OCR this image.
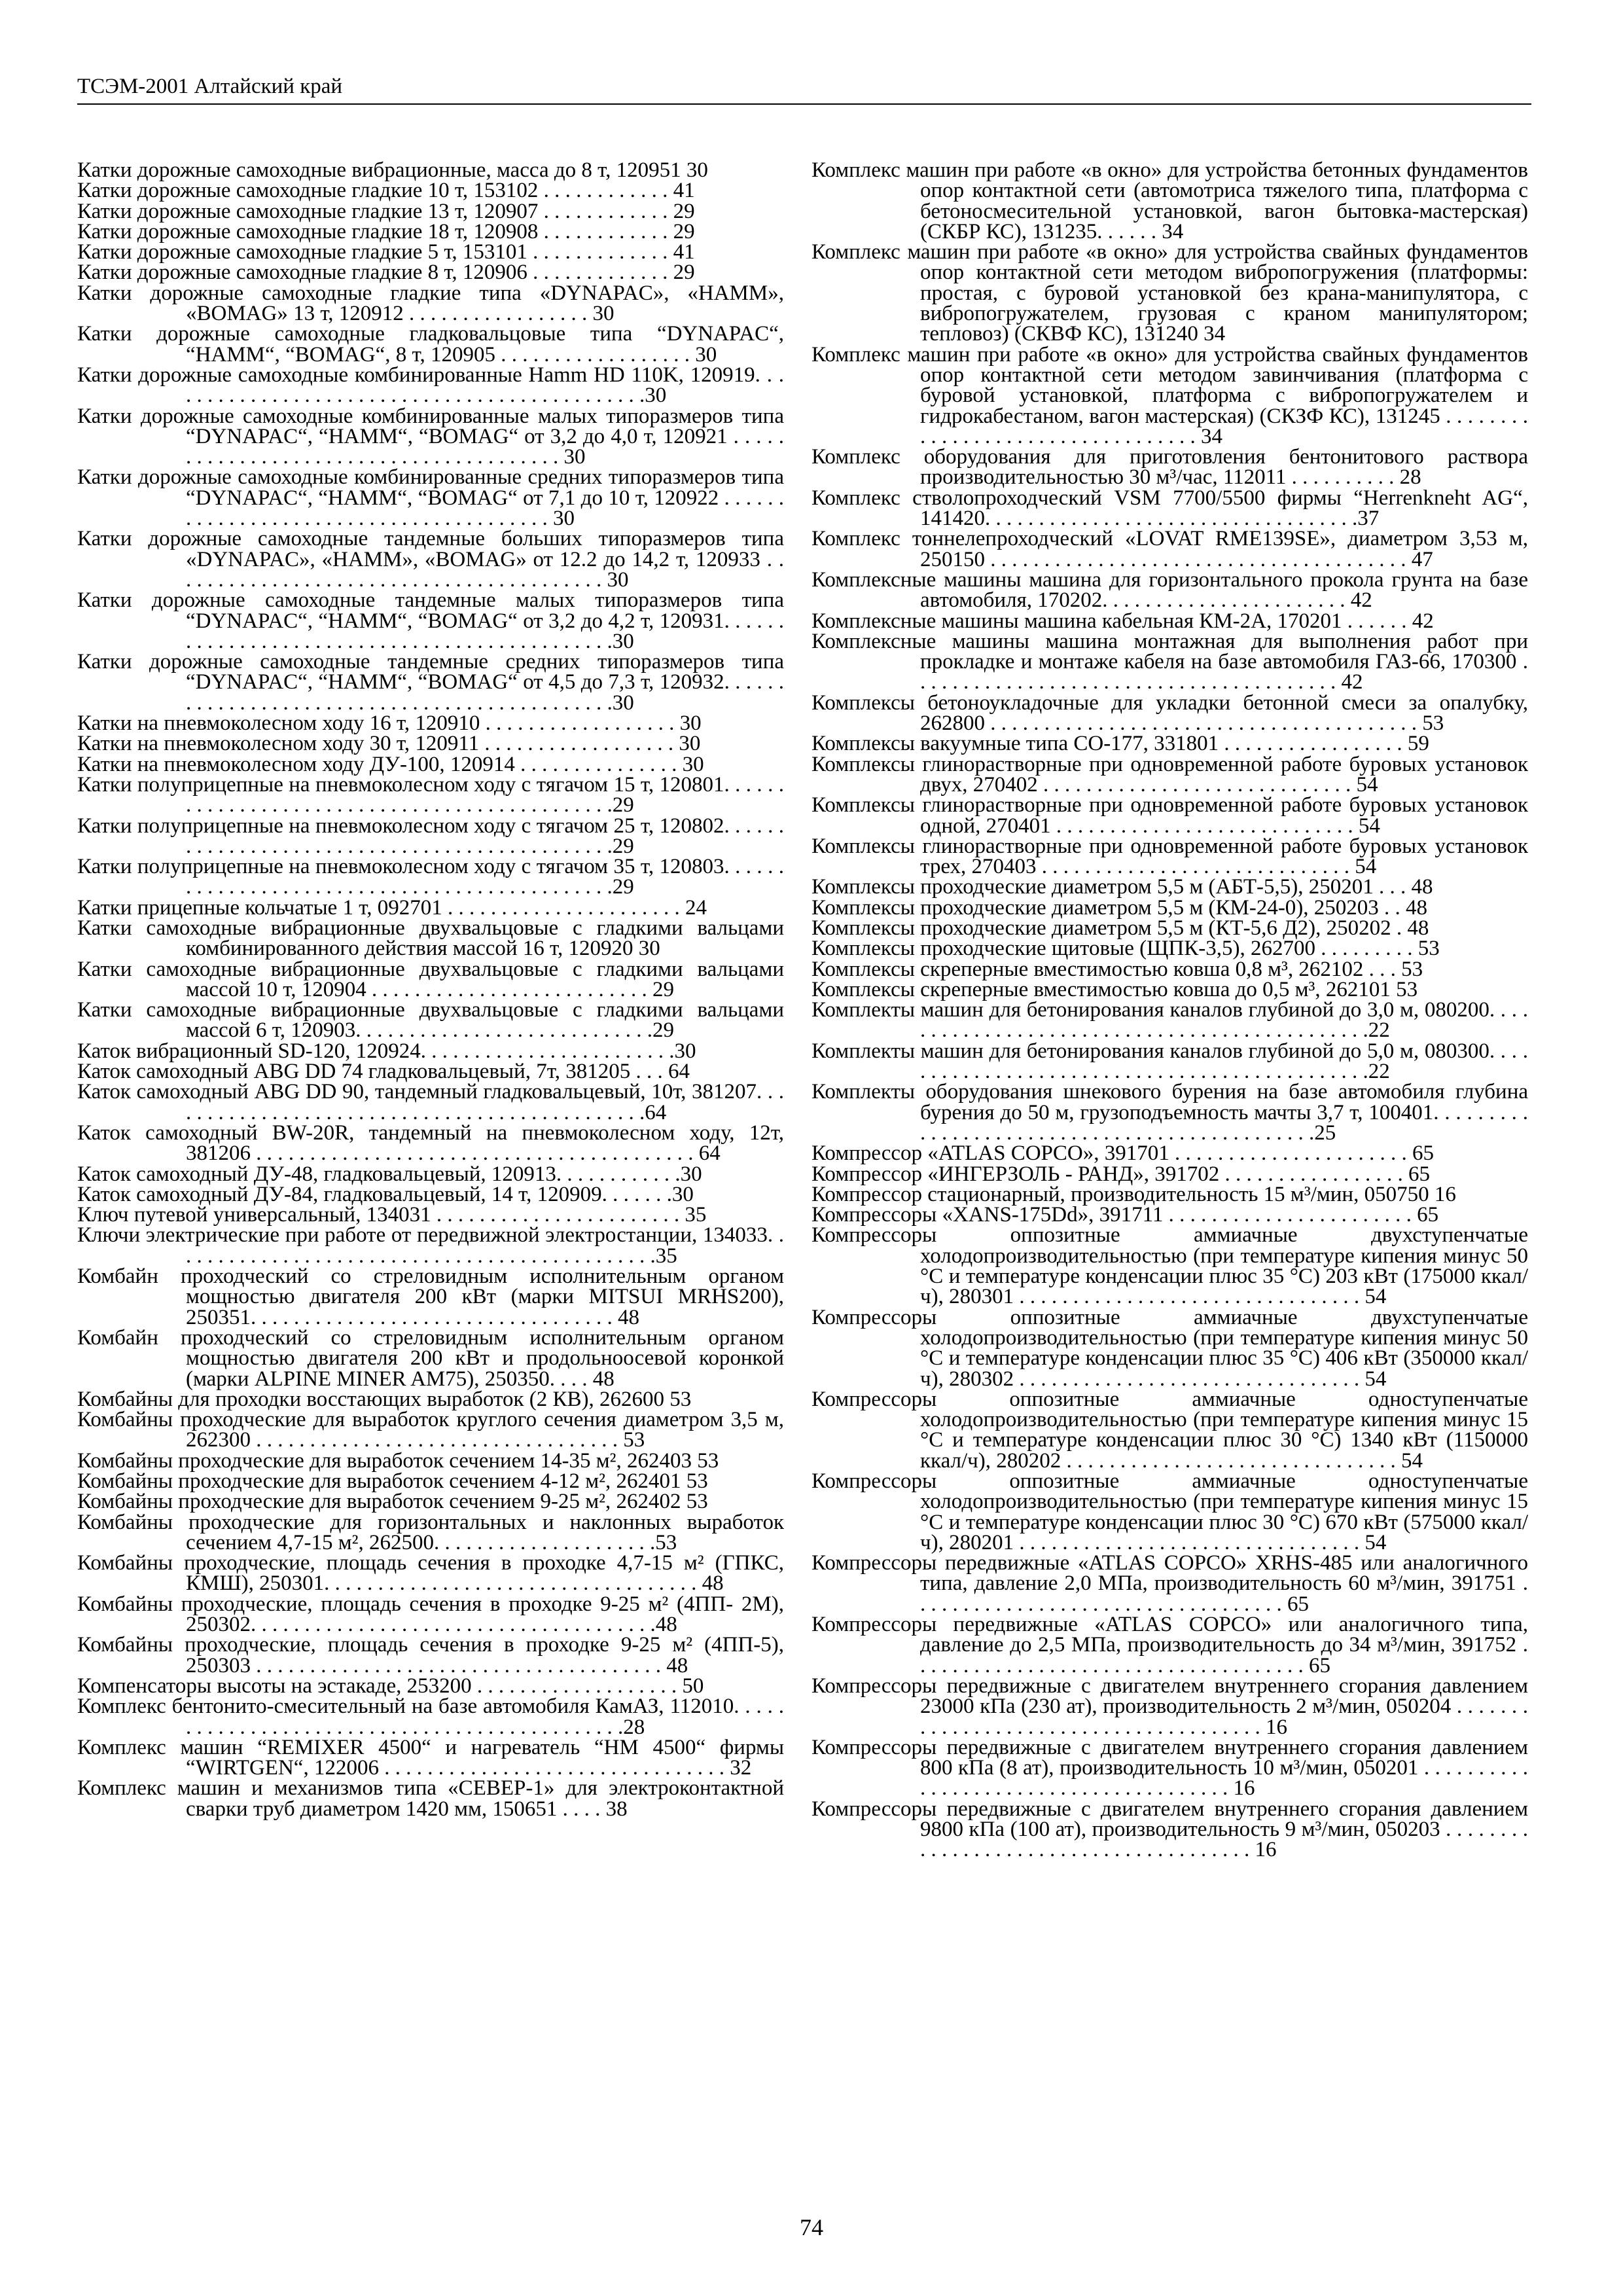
ТСЭМ-2001 Алтайский край

Катки дорожные самоходные вибрационные, масса до 8 т, 120951 30

Катки дорожные самоходные гладкие 10 т, 153102 . . . . . . . . . . . . 41

Катки дорожные самоходные гладкие 13 т, 120907 . . . . . . . . . . . . 29

Катки дорожные самоходные гладкие 18 т, 120908 . . . . . . . . . . . . 29

Катки дорожные самоходные гладкие 5 т, 153101 . . . . . . . . . . . . . 41

Катки дорожные самоходные гладкие 8 т, 120906 . . . . . . . . . . . . . 29

Катки дорожные самоходные гладкие типа «DYNAPAC», «HAMM», «BOMAG» 13 т, 120912 . . . . . . . . . . . . . . . . . 30

Катки дорожные самоходные гладковальцовые типа “DYNAPAC“, “HAMM“, “BOMAG“, 8 т, 120905 . . . . . . . . . . . . . . . . . . 30

Катки дорожные самоходные комбинированные Hamm HD 110K, 120919. . . . . . . . . . . . . . . . . . . . . . . . . . . . . . . . . . . . . . . . . . . . . .30

Катки дорожные самоходные комбинированные малых типоразмеров типа “DYNAPAC“, “HAMM“, “BOMAG“ от 3,2 до 4,0 т, 120921 . . . . . . . . . . . . . . . . . . . . . . . . . . . . . . . . . . . . . . . . 30

Катки дорожные самоходные комбинированные средних типоразмеров типа “DYNAPAC“, “HAMM“, “BOMAG“ от 7,1 до 10 т, 120922 . . . . . . . . . . . . . . . . . . . . . . . . . . . . . . . . . . . . . . . . 30

Катки дорожные самоходные тандемные больших типоразмеров типа «DYNAPAC», «HAMM», «BOMAG» от 12.2 до 14,2 т, 120933 . . . . . . . . . . . . . . . . . . . . . . . . . . . . . . . . . . . . . . . . . 30

Катки дорожные самоходные тандемные малых типоразмеров типа “DYNAPAC“, “HAMM“, “BOMAG“ от 3,2 до 4,2 т, 120931. . . . . . . . . . . . . . . . . . . . . . . . . . . . . . . . . . . . . . . . . . . . . .30

Катки дорожные самоходные тандемные средних типоразмеров типа “DYNAPAC“, “HAMM“, “BOMAG“ от 4,5 до 7,3 т, 120932. . . . . . . . . . . . . . . . . . . . . . . . . . . . . . . . . . . . . . . . . . . . . .30

Катки на пневмоколесном ходу 16 т, 120910 . . . . . . . . . . . . . . . . . . 30

Катки на пневмоколесном ходу 30 т, 120911 . . . . . . . . . . . . . . . . . . 30

Катки на пневмоколесном ходу ДУ-100, 120914 . . . . . . . . . . . . . . . 30

Катки полуприцепные на пневмоколесном ходу с тягачом 15 т, 120801. . . . . . . . . . . . . . . . . . . . . . . . . . . . . . . . . . . . . . . . . . . . . .29

Катки полуприцепные на пневмоколесном ходу с тягачом 25 т, 120802. . . . . . . . . . . . . . . . . . . . . . . . . . . . . . . . . . . . . . . . . . . . . .29

Катки полуприцепные на пневмоколесном ходу с тягачом 35 т, 120803. . . . . . . . . . . . . . . . . . . . . . . . . . . . . . . . . . . . . . . . . . . . . .29

Катки прицепные кольчатые 1 т, 092701 . . . . . . . . . . . . . . . . . . . . . . 24

Катки самоходные вибрационные двухвальцовые с гладкими вальцами комбинированного действия массой 16 т, 120920 30

Катки самоходные вибрационные двухвальцовые с гладкими вальцами массой 10 т, 120904 . . . . . . . . . . . . . . . . . . . . . . . . . . 29

Катки самоходные вибрационные двухвальцовые с гладкими вальцами массой 6 т, 120903. . . . . . . . . . . . . . . . . . . . . . . . . . . .29

Каток вибрационный SD-120, 120924. . . . . . . . . . . . . . . . . . . . . . . .30

Каток самоходный ABG DD 74 гладковальцевый, 7т, 381205 . . . 64

Каток самоходный ABG DD 90, тандемный гладковальцевый, 10т, 381207. . . . . . . . . . . . . . . . . . . . . . . . . . . . . . . . . . . . . . . . . . . . . .64

Каток самоходный BW-20R, тандемный на пневмоколесном ходу, 12т, 381206 . . . . . . . . . . . . . . . . . . . . . . . . . . . . . . . . . . . . . . . . . 64

Каток самоходный ДУ-48, гладковальцевый, 120913. . . . . . . . . . . .30

Каток самоходный ДУ-84, гладковальцевый, 14 т, 120909. . . . . . .30

Ключ путевой универсальный, 134031 . . . . . . . . . . . . . . . . . . . . . . . 35

Ключи электрические при работе от передвижной электростанции, 134033. . . . . . . . . . . . . . . . . . . . . . . . . . . . . . . . . . . . . . . . . . . . . .35

Комбайн проходческий со стреловидным исполнительным органом мощностью двигателя 200 кВт (марки MITSUI MRHS200), 250351. . . . . . . . . . . . . . . . . . . . . . . . . . . . . . . . . . 48

Комбайн проходческий со стреловидным исполнительным органом мощностью двигателя 200 кВт и продольноосевой коронкой (марки ALPINE MINER AM75), 250350. . . . 48

Комбайны для проходки восстающих выработок (2 КВ), 262600 53

Комбайны проходческие для выработок круглого сечения диаметром 3,5 м, 262300 . . . . . . . . . . . . . . . . . . . . . . . . . . . . . . . . . . 53

Комбайны проходческие для выработок сечением 14-35 м², 262403 53

Комбайны проходческие для выработок сечением 4-12 м², 262401 53

Комбайны проходческие для выработок сечением 9-25 м², 262402 53

Комбайны проходческие для горизонтальных и наклонных выработок сечением 4,7-15 м², 262500. . . . . . . . . . . . . . . . . . . . .53

Комбайны проходческие, площадь сечения в проходке 4,7-15 м² (ГПКС, КМШ), 250301. . . . . . . . . . . . . . . . . . . . . . . . . . . . . . . . . . . 48

Комбайны проходческие, площадь сечения в проходке 9-25 м² (4ПП- 2М), 250302. . . . . . . . . . . . . . . . . . . . . . . . . . . . . . . . . . . . . .48

Комбайны проходческие, площадь сечения в проходке 9-25 м² (4ПП-5), 250303 . . . . . . . . . . . . . . . . . . . . . . . . . . . . . . . . . . . . . . 48

Компенсаторы высоты на эстакаде, 253200 . . . . . . . . . . . . . . . . . . . 50

Комплекс бентонито-смесительный на базе автомобиля КамАЗ, 112010. . . . . . . . . . . . . . . . . . . . . . . . . . . . . . . . . . . . . . . . . . . . . .28

Комплекс машин “REMIXER 4500“ и нагреватель “HM 4500“ фирмы “WIRTGEN“, 122006 . . . . . . . . . . . . . . . . . . . . . . . . . . . . . . . . 32

Комплекс машин и механизмов типа «СЕВЕР-1» для электроконтактной сварки труб диаметром 1420 мм, 150651 . . . . 38

Комплекс машин при работе «в окно» для устройства бетонных фундаментов опор контактной сети (автомотриса тяжелого типа, платформа с бетоносмесительной установкой, вагон бытовка-мастерская) (СКБР КС), 131235. . . . . . 34

Комплекс машин при работе «в окно» для устройства свайных фундаментов опор контактной сети методом вибропогружения (платформы: простая, с буровой установкой без крана-манипулятора, с вибропогружателем, грузовая с краном манипулятором; тепловоз) (СКВФ КС), 131240 34

Комплекс машин при работе «в окно» для устройства свайных фундаментов опор контактной сети методом завинчивания (платформа с буровой установкой, платформа с вибропогружателем и гидрокабестаном, вагон мастерская) (СКЗФ КС), 131245 . . . . . . . . . . . . . . . . . . . . . . . . . . . . . . . . . . 34

Комплекс оборудования для приготовления бентонитового раствора производительностью 30 м³/час, 112011 . . . . . . . . . . 28

Комплекс ствoлопроходческий VSM 7700/5500 фирмы “Herrenkneht AG“, 141420. . . . . . . . . . . . . . . . . . . . . . . . . . . . . . . . . . .37

Комплекс тоннелепроходческий «LOVAT RME139SE», диаметром 3,53 м, 250150 . . . . . . . . . . . . . . . . . . . . . . . . . . . . . . . . . . . . . . . 47

Комплексные машины машина для горизонтального прокола грунта на базе автомобиля, 170202. . . . . . . . . . . . . . . . . . . . . . . 42

Комплексные машины машина кабельная КМ-2А, 170201 . . . . . . 42

Комплексные машины машина монтажная для выполнения работ при прокладке и монтаже кабеля на базе автомобиля ГАЗ-66, 170300 . . . . . . . . . . . . . . . . . . . . . . . . . . . . . . . . . . . . . . . . 42

Комплексы бетоноукладочные для укладки бетонной смеси за опалубку, 262800 . . . . . . . . . . . . . . . . . . . . . . . . . . . . . . . . . . . . . . . . 53

Комплексы вакуумные типа СО-177, 331801 . . . . . . . . . . . . . . . . . 59

Комплексы глинорастворные при одновременной работе буровых установок двух, 270402 . . . . . . . . . . . . . . . . . . . . . . . . . . . . . 54

Комплексы глинорастворные при одновременной работе буровых установок одной, 270401 . . . . . . . . . . . . . . . . . . . . . . . . . . . . 54

Комплексы глинорастворные при одновременной работе буровых установок трех, 270403 . . . . . . . . . . . . . . . . . . . . . . . . . . . . . 54

Комплексы проходческие диаметром 5,5 м (АБТ-5,5), 250201 . . . 48

Комплексы проходческие диаметром 5,5 м (КМ-24-0), 250203 . . 48

Комплексы проходческие диаметром 5,5 м (КТ-5,6 Д2), 250202 . 48

Комплексы проходческие щитовые (ЩПК-3,5), 262700 . . . . . . . . . 53

Комплексы скреперные вместимостью ковша 0,8 м³, 262102 . . . 53

Комплексы скреперные вместимостью ковша до 0,5 м³, 262101 53

Комплекты машин для бетонирования каналов глубиной до 3,0 м, 080200. . . . . . . . . . . . . . . . . . . . . . . . . . . . . . . . . . . . . . . . . . . . . .22

Комплекты машин для бетонирования каналов глубиной до 5,0 м, 080300. . . . . . . . . . . . . . . . . . . . . . . . . . . . . . . . . . . . . . . . . . . . . .22

Комплекты оборудования шнекового бурения на базе автомобиля глубина бурения до 50 м, грузоподъемность мачты 3,7 т, 100401. . . . . . . . . . . . . . . . . . . . . . . . . . . . . . . . . . . . . . . . . . . . . .25

Компрессор «ATLAS COPCO», 391701 . . . . . . . . . . . . . . . . . . . . . . 65

Компрессор «ИНГЕРЗОЛЬ - РАНД», 391702 . . . . . . . . . . . . . . . . . 65

Компрессор стационарный, производительность 15 м³/мин, 050750 16

Компрессоры «XANS-175Dd», 391711 . . . . . . . . . . . . . . . . . . . . . . . 65

Компрессоры оппозитные аммиачные двухступенчатые холодопроизводительностью (при температуре кипения минус 50 °C и температуре конденсации плюс 35 °C) 203 кВт (175000 ккал/ч), 280301 . . . . . . . . . . . . . . . . . . . . . . . . . . . . . . . . 54

Компрессоры оппозитные аммиачные двухступенчатые холодопроизводительностью (при температуре кипения минус 50 °C и температуре конденсации плюс 35 °C) 406 кВт (350000 ккал/ч), 280302 . . . . . . . . . . . . . . . . . . . . . . . . . . . . . . . . 54

Компрессоры оппозитные аммиачные одноступенчатые холодопроизводительностью (при температуре кипения минус 15 °C и температуре конденсации плюс 30 °C) 1340 кВт (1150000 ккал/ч), 280202 . . . . . . . . . . . . . . . . . . . . . . . . . . . . . . . 54

Компрессоры оппозитные аммиачные одноступенчатые холодопроизводительностью (при температуре кипения минус 15 °C и температуре конденсации плюс 30 °C) 670 кВт (575000 ккал/ч), 280201 . . . . . . . . . . . . . . . . . . . . . . . . . . . . . . . . 54

Компрессоры передвижные «ATLAS COPCO» XRHS-485 или аналогичного типа, давление 2,0 МПа, производительность 60 м³/мин, 391751 . . . . . . . . . . . . . . . . . . . . . . . . . . . . . . . . . . . 65

Компрессоры передвижные «ATLAS COPCO» или аналогичного типа, давление до 2,5 МПа, производительность до 34 м³/мин, 391752 . . . . . . . . . . . . . . . . . . . . . . . . . . . . . . . . . . . . . 65

Компрессоры передвижные с двигателем внутреннего сгорания давлением 23000 кПа (230 ат), производительность 2 м³/мин, 050204 . . . . . . . . . . . . . . . . . . . . . . . . . . . . . . . . . . . . . . . 16

Компрессоры передвижные с двигателем внутреннего сгорания давлением 800 кПа (8 ат), производительность 10 м³/мин, 050201 . . . . . . . . . . . . . . . . . . . . . . . . . . . . . . . . . . . . . . . 16

Компрессоры передвижные с двигателем внутреннего сгорания давлением 9800 кПа (100 ат), производительность 9 м³/мин, 050203 . . . . . . . . . . . . . . . . . . . . . . . . . . . . . . . . . . . . . . . 16

74
